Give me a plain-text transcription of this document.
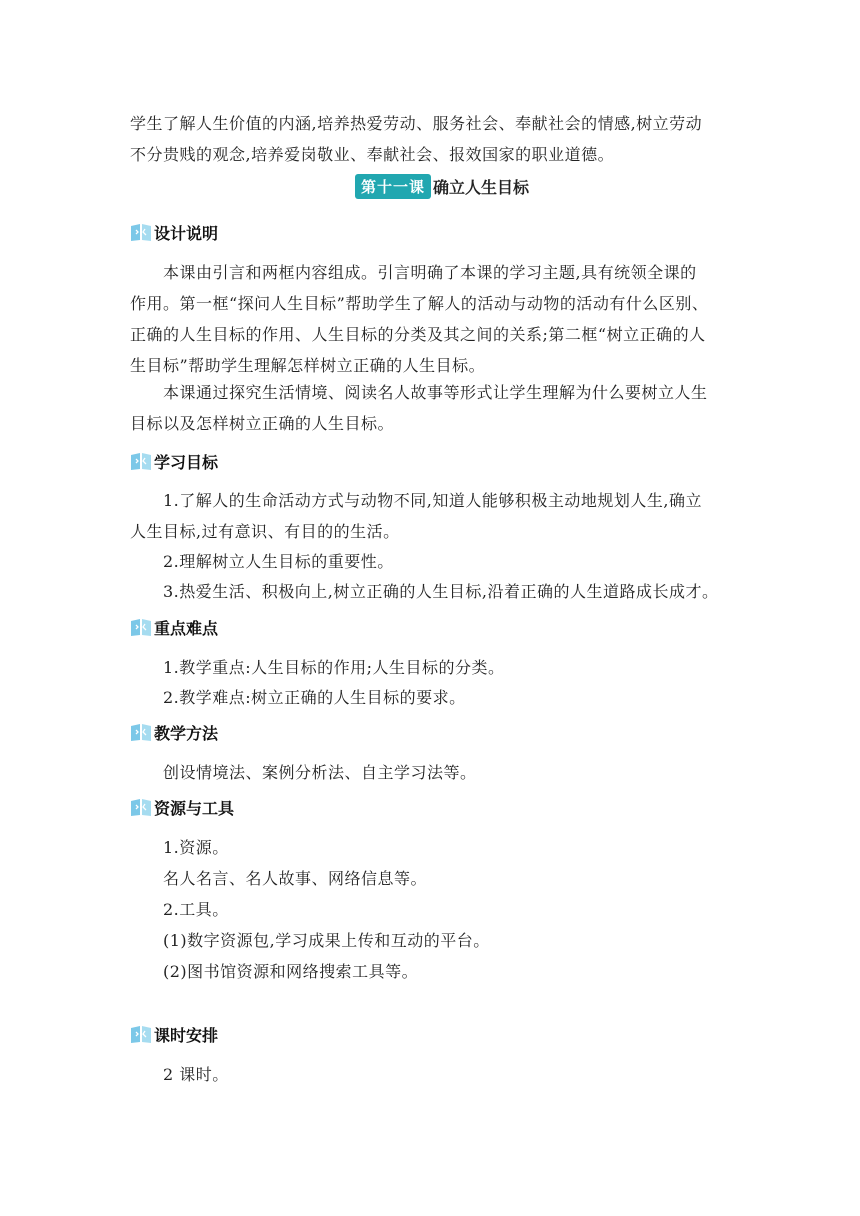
学生了解人生价值的内涵,培养热爱劳动、服务社会、奉献社会的情感,树立劳动
不分贵贱的观念,培养爱岗敬业、奉献社会、报效国家的职业道德。
第十一课 确立人生目标
设计说明
本课由引言和两框内容组成。引言明确了本课的学习主题,具有统领全课的
作用。第一框“探问人生目标”帮助学生了解人的活动与动物的活动有什么区别、
正确的人生目标的作用、人生目标的分类及其之间的关系;第二框“树立正确的人
生目标”帮助学生理解怎样树立正确的人生目标。
本课通过探究生活情境、阅读名人故事等形式让学生理解为什么要树立人生
目标以及怎样树立正确的人生目标。
学习目标
1.了解人的生命活动方式与动物不同,知道人能够积极主动地规划人生,确立
人生目标,过有意识、有目的的生活。
2.理解树立人生目标的重要性。
3.热爱生活、积极向上,树立正确的人生目标,沿着正确的人生道路成长成才。
重点难点
1.教学重点:人生目标的作用;人生目标的分类。
2.教学难点:树立正确的人生目标的要求。
教学方法
创设情境法、案例分析法、自主学习法等。
资源与工具
1.资源。
名人名言、名人故事、网络信息等。
2.工具。
(1)数字资源包,学习成果上传和互动的平台。
(2)图书馆资源和网络搜索工具等。
课时安排
2 课时。
